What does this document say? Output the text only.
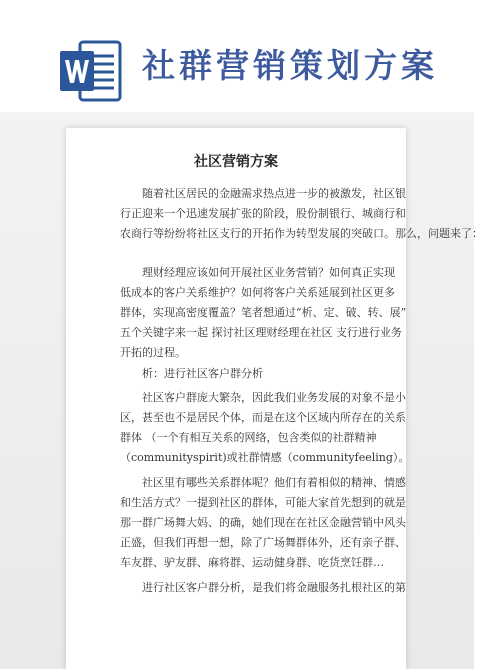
社群营销策划方案
社区营销方案
　　随着社区居民的金融需求热点进一步的被激发，社区银
行正迎来一个迅速发展扩张的阶段，股份制银行、城商行和
农商行等纷纷将社区支行的开拓作为转型发展的突破口。那么，问题来了：
　　理财经理应该如何开展社区业务营销？如何真正实现
低成本的客户关系维护？如何将客户关系延展到社区更多
群体，实现高密度覆盖？笔者想通过“析、定、破、转、展”
五个关键字来一起 探讨社区理财经理在社区 支行进行业务
开拓的过程。
　　析：进行社区客户群分析
　　社区客户群庞大繁杂，因此我们业务发展的对象不是小
区，甚至也不是居民个体，而是在这个区域内所存在的关系
群体 （一个有相互关系的网络，包含类似的社群精神
（communityspirit)或社群情感（communityfeeling）。
　　社区里有哪些关系群体呢？他们有着相似的精神、情感
和生活方式？一提到社区的群体，可能大家首先想到的就是
那一群广场舞大妈、的确，她们现在在社区金融营销中风头
正盛，但我们再想一想，除了广场舞群体外，还有亲子群、
车友群、驴友群、麻将群、运动健身群、吃货烹饪群…
　　进行社区客户群分析，是我们将金融服务扎根社区的第
